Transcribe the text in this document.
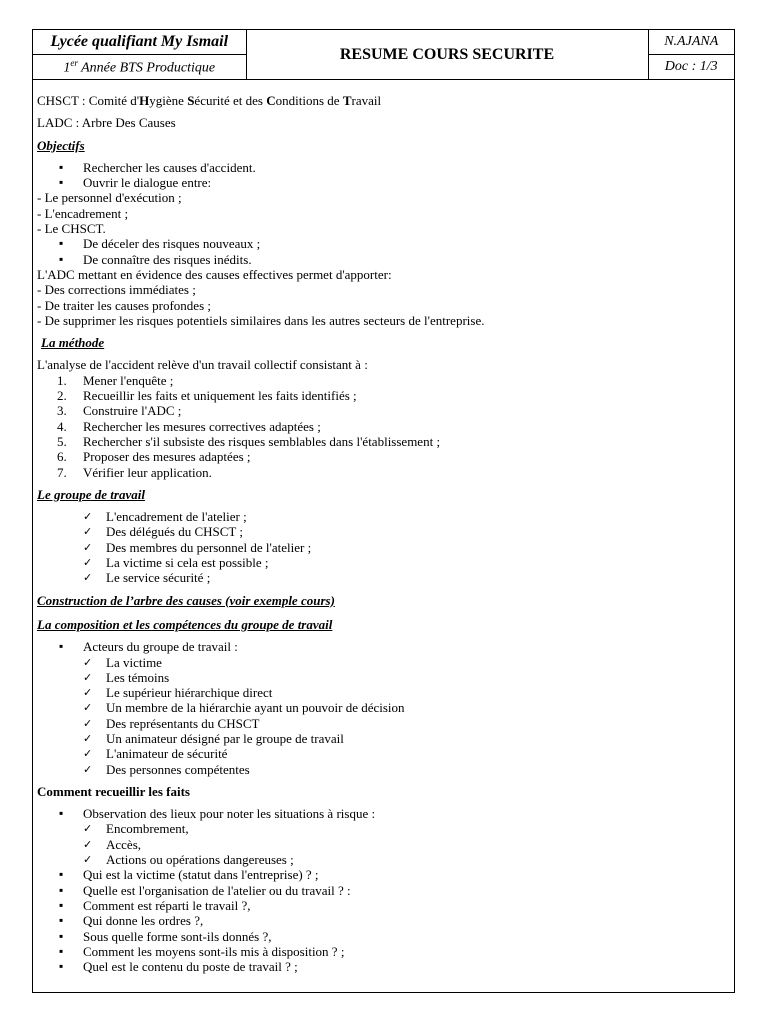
Lycée qualifiant My Ismail	RESUME COURS SECURITE	N.AJANA
1er Année BTS Productique		Doc : 1/3

CHSCT : Comité d'Hygiène Sécurité et des Conditions de Travail

LADC : Arbre Des Causes

Objectifs

▪ Rechercher les causes d'accident.
▪ Ouvrir le dialogue entre:

- Le personnel d'exécution ;

- L'encadrement ;

- Le CHSCT.

▪ De déceler des risques nouveaux ;
▪ De connaître des risques inédits.

L'ADC mettant en évidence des causes effectives permet d'apporter:

- Des corrections immédiates ;

- De traiter les causes profondes ;

- De supprimer les risques potentiels similaires dans les autres secteurs de l'entreprise.

La méthode

L'analyse de l'accident relève d'un travail collectif consistant à :

1. Mener l'enquête ;
2. Recueillir les faits et uniquement les faits identifiés ;
3. Construire l'ADC ;
4. Rechercher les mesures correctives adaptées ;
5. Rechercher s'il subsiste des risques semblables dans l'établissement ;
6. Proposer des mesures adaptées ;
7. Vérifier leur application.

Le groupe de travail

✓ L'encadrement de l'atelier ;
✓ Des délégués du CHSCT ;
✓ Des membres du personnel de l'atelier ;
✓ La victime si cela est possible ;
✓ Le service sécurité ;

Construction de l’arbre des causes (voir exemple cours)

La composition et les compétences du groupe de travail

▪ Acteurs du groupe de travail :
✓ La victime
✓ Les témoins
✓ Le supérieur hiérarchique direct
✓ Un membre de la hiérarchie ayant un pouvoir de décision
✓ Des représentants du CHSCT
✓ Un animateur désigné par le groupe de travail
✓ L'animateur de sécurité
✓ Des personnes compétentes

Comment recueillir les faits

▪ Observation des lieux pour noter les situations à risque :
✓ Encombrement,
✓ Accès,
✓ Actions ou opérations dangereuses ;
▪ Qui est la victime (statut dans l'entreprise) ? ;
▪ Quelle est l'organisation de l'atelier ou du travail ? :
▪ Comment est réparti le travail ?,
▪ Qui donne les ordres ?,
▪ Sous quelle forme sont-ils donnés ?,
▪ Comment les moyens sont-ils mis à disposition ? ;
▪ Quel est le contenu du poste de travail ? ;
